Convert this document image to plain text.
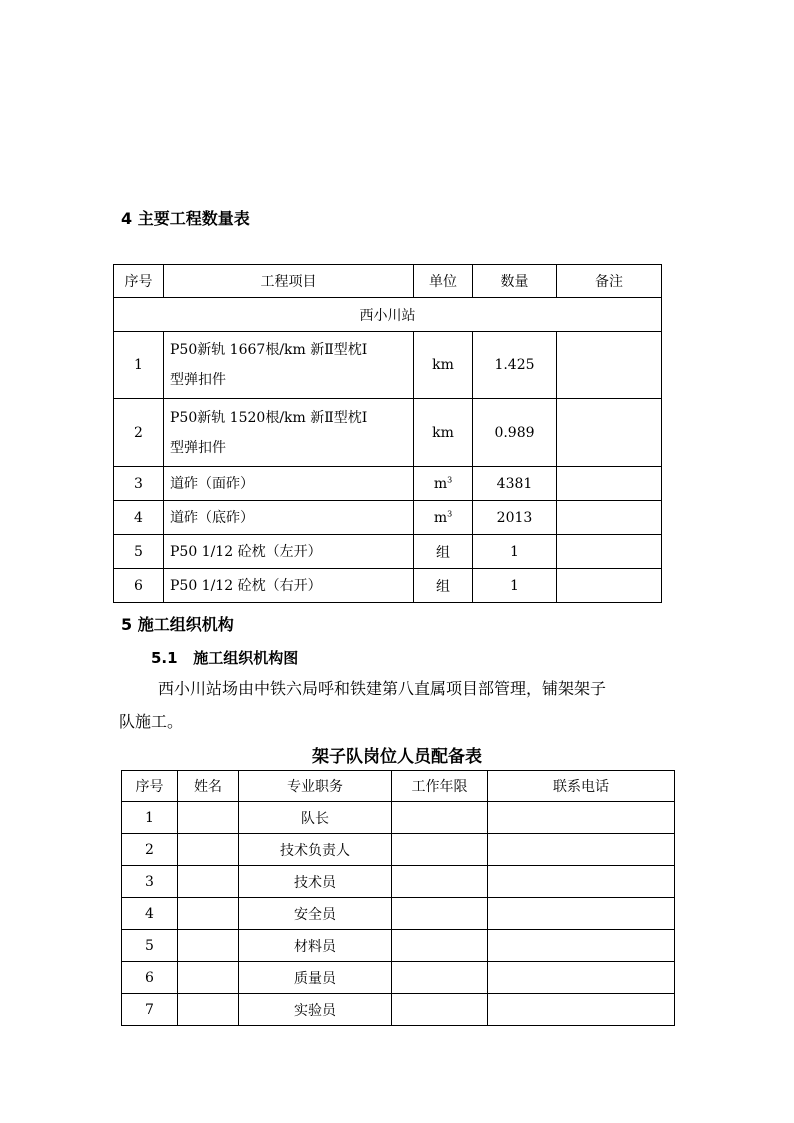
4 主要工程数量表
序号	工程项目	单位	数量	备注
西小川站				
1	P50新轨 1667根/km 新Ⅱ型枕Ⅰ
型弹扣件	km	1.425	
2	P50新轨 1520根/km 新Ⅱ型枕Ⅰ
型弹扣件	km	0.989	
3	道砟（面砟）	$m^3$	4381	
4	道砟（底砟）	$m^3$	2013	
5	P50 1/12 砼枕（左开）	组	1	
6	P50 1/12 砼枕（右开）	组	1	
5 施工组织机构
5.1 施工组织机构图
西小川站场由中铁六局呼和铁建第八直属项目部管理，铺架架子
队施工。
架子队岗位人员配备表
序号	姓名	专业职务	工作年限	联系电话
1		队长		
2		技术负责人		
3		技术员		
4		安全员		
5		材料员		
6		质量员		
7		实验员		
